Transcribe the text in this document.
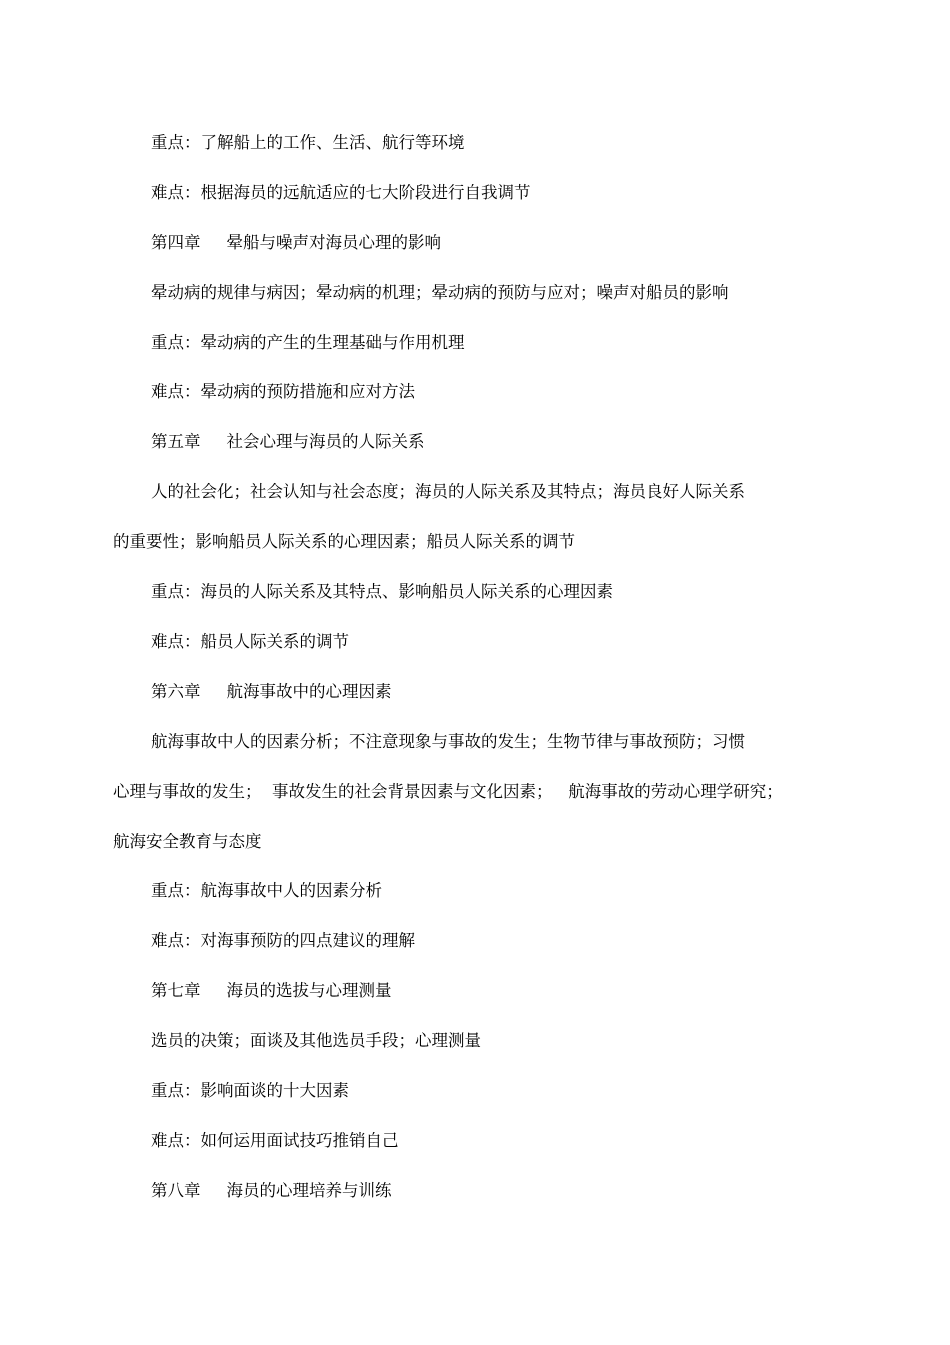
重点：了解船上的工作、生活、航行等环境
难点：根据海员的远航适应的七大阶段进行自我调节
第四章 晕船与噪声对海员心理的影响
晕动病的规律与病因；晕动病的机理；晕动病的预防与应对；噪声对船员的影响
重点：晕动病的产生的生理基础与作用机理
难点：晕动病的预防措施和应对方法
第五章 社会心理与海员的人际关系
人的社会化；社会认知与社会态度；海员的人际关系及其特点；海员良好人际关系
的重要性；影响船员人际关系的心理因素；船员人际关系的调节
重点：海员的人际关系及其特点、影响船员人际关系的心理因素
难点：船员人际关系的调节
第六章 航海事故中的心理因素
航海事故中人的因素分析；不注意现象与事故的发生；生物节律与事故预防；习惯
心理与事故的发生；  事故发生的社会背景因素与文化因素；   航海事故的劳动心理学研究；
航海安全教育与态度
重点：航海事故中人的因素分析
难点：对海事预防的四点建议的理解
第七章 海员的选拔与心理测量
选员的决策；面谈及其他选员手段；心理测量
重点：影响面谈的十大因素
难点：如何运用面试技巧推销自己
第八章 海员的心理培养与训练
